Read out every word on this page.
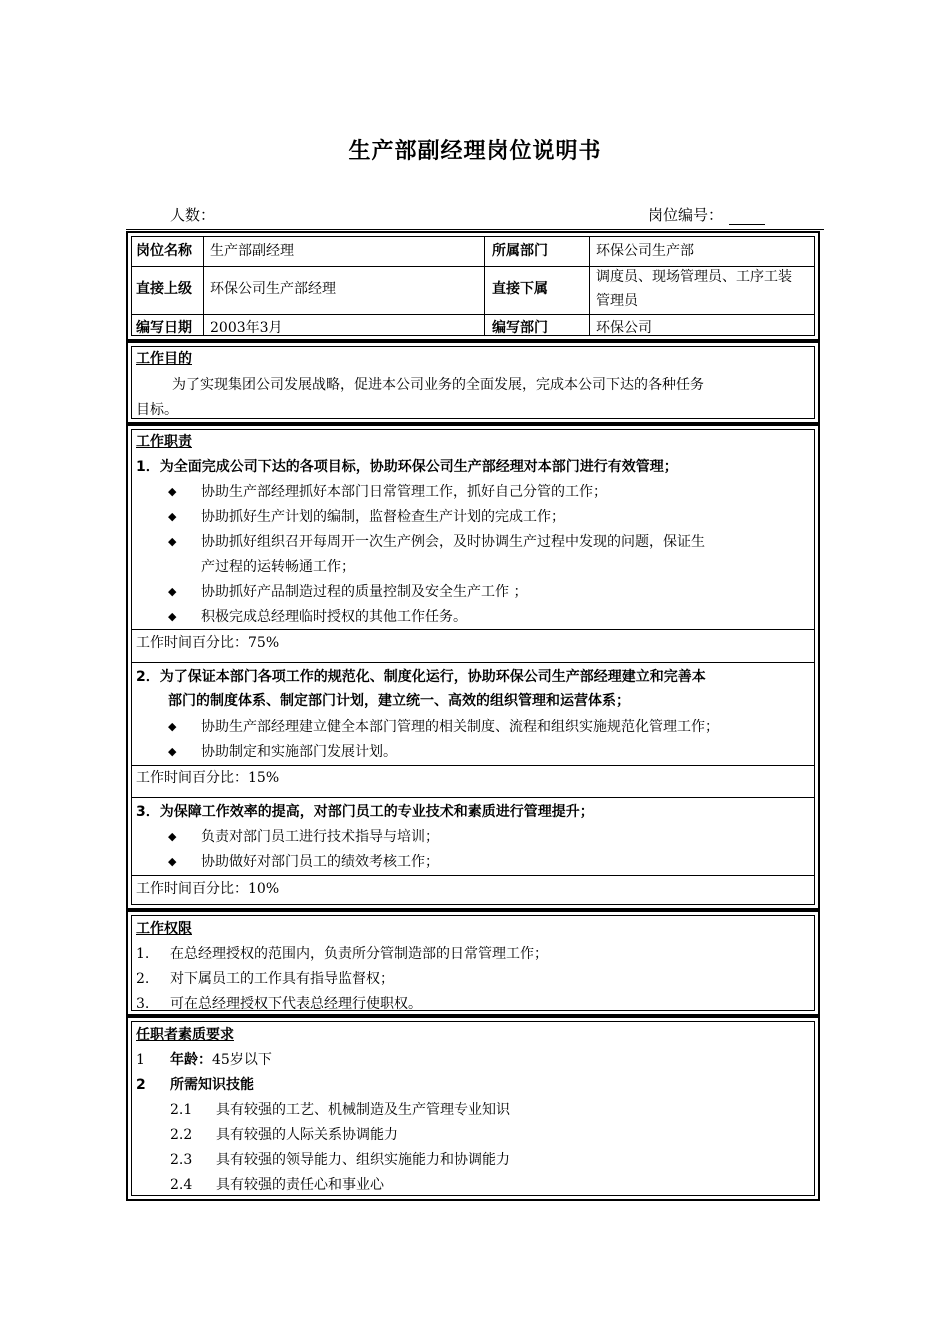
生产部副经理岗位说明书
人数：	岗位编号：
岗位名称 生产部副经理	所属部门	环保公司生产部
直接上级 环保公司生产部经理	直接下属
调度员、现场管理员、工序工装
管理员
编写日期 2003年3月	编写部门	环保公司
工作目的
为了实现集团公司发展战略，促进本公司业务的全面发展，完成本公司下达的各种任务
目标。
工作职责
1．为全面完成公司下达的各项目标，协助环保公司生产部经理对本部门进行有效管理；
◆ 协助生产部经理抓好本部门日常管理工作，抓好自己分管的工作；
◆ 协助抓好生产计划的编制，监督检查生产计划的完成工作；
◆ 协助抓好组织召开每周开一次生产例会，及时协调生产过程中发现的问题，保证生
产过程的运转畅通工作；
◆ 协助抓好产品制造过程的质量控制及安全生产工作 ；
◆ 积极完成总经理临时授权的其他工作任务。
工作时间百分比：75%
2．为了保证本部门各项工作的规范化、制度化运行，协助环保公司生产部经理建立和完善本
部门的制度体系、制定部门计划，建立统一、高效的组织管理和运营体系；
◆ 协助生产部经理建立健全本部门管理的相关制度、流程和组织实施规范化管理工作；
◆ 协助制定和实施部门发展计划。
工作时间百分比：15%
3．为保障工作效率的提高，对部门员工的专业技术和素质进行管理提升；
◆ 负责对部门员工进行技术指导与培训；
◆ 协助做好对部门员工的绩效考核工作；
工作时间百分比：10%
工作权限
1. 在总经理授权的范围内，负责所分管制造部的日常管理工作；
2. 对下属员工的工作具有指导监督权；
3. 可在总经理授权下代表总经理行使职权。
任职者素质要求
1 年龄：45岁以下
2 所需知识技能
2.1 具有较强的工艺、机械制造及生产管理专业知识
2.2 具有较强的人际关系协调能力
2.3 具有较强的领导能力、组织实施能力和协调能力
2.4 具有较强的责任心和事业心
